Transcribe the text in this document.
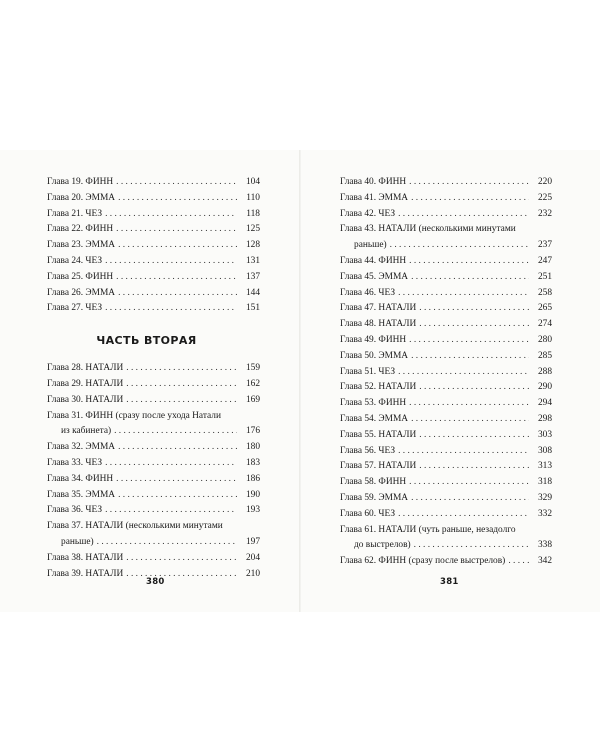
Глава 19. ФИНН . . .	104
Глава 20. ЭММА . . .	110
Глава 21. ЧЕЗ . . .	118
Глава 22. ФИНН . . .	125
Глава 23. ЭММА . . .	128
Глава 24. ЧЕЗ . . .	131
Глава 25. ФИНН . . .	137
Глава 26. ЭММА . . .	144
Глава 27. ЧЕЗ . . .	151
ЧАСТЬ ВТОРАЯ
Глава 28. НАТАЛИ . . .	159
Глава 29. НАТАЛИ . . .	162
Глава 30. НАТАЛИ . . .	169
Глава 31. ФИНН (сразу после ухода Натали
из кабинета) . . .	176
Глава 32. ЭММА . . .	180
Глава 33. ЧЕЗ . . .	183
Глава 34. ФИНН . . .	186
Глава 35. ЭММА . . .	190
Глава 36. ЧЕЗ . . .	193
Глава 37. НАТАЛИ (несколькими минутами
раньше) . . .	197
Глава 38. НАТАЛИ . . .	204
Глава 39. НАТАЛИ . . .	210
Глава 40. ФИНН . . .	220
Глава 41. ЭММА . . .	225
Глава 42. ЧЕЗ . . .	232
Глава 43. НАТАЛИ (несколькими минутами
раньше) . . .	237
Глава 44. ФИНН . . .	247
Глава 45. ЭММА . . .	251
Глава 46. ЧЕЗ . . .	258
Глава 47. НАТАЛИ . . .	265
Глава 48. НАТАЛИ . . .	274
Глава 49. ФИНН . . .	280
Глава 50. ЭММА . . .	285
Глава 51. ЧЕЗ . . .	288
Глава 52. НАТАЛИ . . .	290
Глава 53. ФИНН . . .	294
Глава 54. ЭММА . . .	298
Глава 55. НАТАЛИ . . .	303
Глава 56. ЧЕЗ . . .	308
Глава 57. НАТАЛИ . . .	313
Глава 58. ФИНН . . .	318
Глава 59. ЭММА . . .	329
Глава 60. ЧЕЗ . . .	332
Глава 61. НАТАЛИ (чуть раньше, незадолго
до выстрелов) . . .	338
Глава 62. ФИНН (сразу после выстрелов) . . .	342
380	381
